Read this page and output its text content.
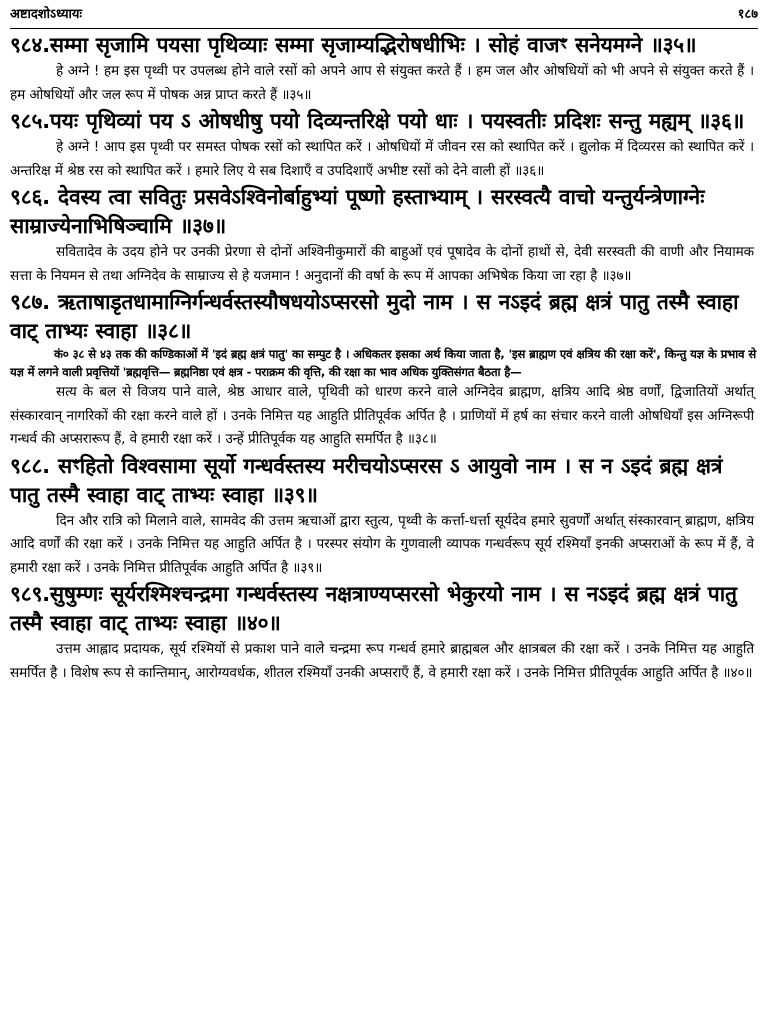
अष्टादशोऽध्यायः	१८७

९८४.सम्मा सृजामि पयसा पृथिव्याः सम्मा सृजाम्यद्भिरोषधीभिः । सोहं वाजꣳ सनेयमग्ने ॥३५॥

हे अग्ने ! हम इस पृथ्वी पर उपलब्ध होने वाले रसों को अपने आप से संयुक्त करते हैं । हम जल और ओषधियों को भी अपने से संयुक्त करते हैं । हम ओषधियों और जल रूप में पोषक अन्न प्राप्त करते हैं ॥३५॥

९८५.पयः पृथिव्यां पय ऽ ओषधीषु पयो दिव्यन्तरिक्षे पयो धाः । पयस्वतीः प्रदिशः सन्तु मह्यम् ॥३६॥

हे अग्ने ! आप इस पृथ्वी पर समस्त पोषक रसों को स्थापित करें । ओषधियों में जीवन रस को स्थापित करें । द्युलोक में दिव्यरस को स्थापित करें । अन्तरिक्ष में श्रेष्ठ रस को स्थापित करें । हमारे लिए ये सब दिशाएँ व उपदिशाएँ अभीष्ट रसों को देने वाली हों ॥३६॥

९८६. देवस्य त्वा सवितुः प्रसवेऽश्विनोर्बाहुभ्यां पूष्णो हस्ताभ्याम् । सरस्वत्यै वाचो यन्तुर्यन्त्रेणाग्नेः साम्राज्येनाभिषिञ्चामि ॥३७॥

सवितादेव के उदय होने पर उनकी प्रेरणा से दोनों अश्विनीकुमारों की बाहुओं एवं पूषादेव के दोनों हाथों से, देवी सरस्वती की वाणी और नियामक सत्ता के नियमन से तथा अग्निदेव के साम्राज्य से हे यजमान ! अनुदानों की वर्षा के रूप में आपका अभिषेक किया जा रहा है ॥३७॥

९८७. ऋताषाडृतधामाग्निर्गन्धर्वस्तस्यौषधयोऽप्सरसो मुदो नाम । स नऽइदं ब्रह्म क्षत्रं पातु तस्मै स्वाहा वाट् ताभ्यः स्वाहा ॥३८॥

कं० ३८ से ४३ तक की कण्डिकाओं में 'इदं ब्रह्म क्षत्रं पातु' का सम्पुट है । अधिकतर इसका अर्थ किया जाता है, 'इस ब्राह्मण एवं क्षत्रिय की रक्षा करें', किन्तु यज्ञ के प्रभाव से यज्ञ में लगने वाली प्रवृत्तियों 'ब्रह्मवृत्ति— ब्रह्मनिष्ठा एवं क्षत्र - पराक्रम की वृत्ति, की रक्षा का भाव अधिक युक्तिसंगत बैठता है—

सत्य के बल से विजय पाने वाले, श्रेष्ठ आधार वाले, पृथिवी को धारण करने वाले अग्निदेव ब्राह्मण, क्षत्रिय आदि श्रेष्ठ वर्णों, द्विजातियों अर्थात् संस्कारवान् नागरिकों की रक्षा करने वाले हों । उनके निमित्त यह आहुति प्रीतिपूर्वक अर्पित है । प्राणियों में हर्ष का संचार करने वाली ओषधियाँ इस अग्निरूपी गन्धर्व की अप्सरारूप हैं, वे हमारी रक्षा करें । उन्हें प्रीतिपूर्वक यह आहुति समर्पित है ॥३८॥

९८८. सꣳहितो विश्वसामा सूर्यो गन्धर्वस्तस्य मरीचयोऽप्सरस ऽ आयुवो नाम । स न ऽइदं ब्रह्म क्षत्रं पातु तस्मै स्वाहा वाट् ताभ्यः स्वाहा ॥३९॥

दिन और रात्रि को मिलाने वाले, सामवेद की उत्तम ऋचाओं द्वारा स्तुत्य, पृथ्वी के कर्त्ता-धर्त्ता सूर्यदेव हमारे सुवर्णों अर्थात् संस्कारवान् ब्राह्मण, क्षत्रिय आदि वर्णों की रक्षा करें । उनके निमित्त यह आहुति अर्पित है । परस्पर संयोग के गुणवाली व्यापक गन्धर्वरूप सूर्य रश्मियाँ इनकी अप्सराओं के रूप में हैं, वे हमारी रक्षा करें । उनके निमित्त प्रीतिपूर्वक आहुति अर्पित है ॥३९॥

९८९.सुषुम्णः सूर्यरश्मिश्चन्द्रमा गन्धर्वस्तस्य नक्षत्राण्यप्सरसो भेकुरयो नाम । स नऽइदं ब्रह्म क्षत्रं पातु तस्मै स्वाहा वाट् ताभ्यः स्वाहा ॥४०॥

उत्तम आह्लाद प्रदायक, सूर्य रश्मियों से प्रकाश पाने वाले चन्द्रमा रूप गन्धर्व हमारे ब्राह्मबल और क्षात्रबल की रक्षा करें । उनके निमित्त यह आहुति समर्पित है । विशेष रूप से कान्तिमान्, आरोग्यवर्धक, शीतल रश्मियाँ उनकी अप्सराएँ हैं, वे हमारी रक्षा करें । उनके निमित्त प्रीतिपूर्वक आहुति अर्पित है ॥४०॥
